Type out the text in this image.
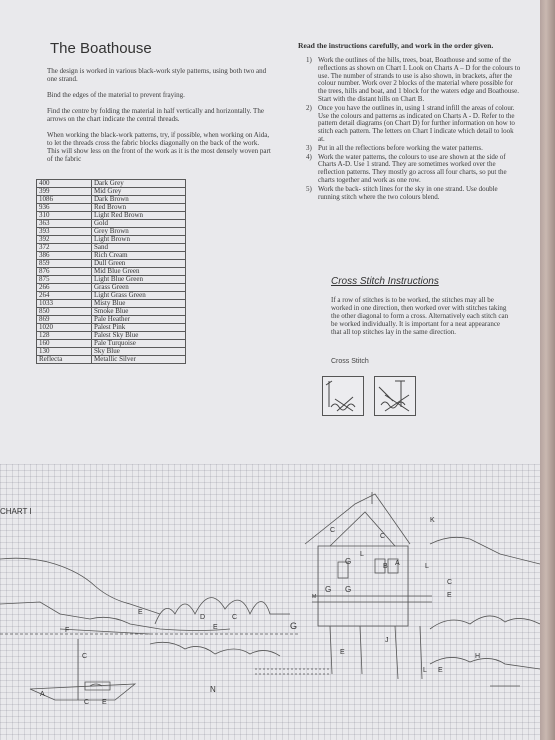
The Boathouse

The design is worked in various black-work style patterns, using both two and one strand.

Bind the edges of the material to prevent fraying.

Find the centre by folding the material in half vertically and horizontally. The arrows on the chart indicate the central threads.

When working the black-work patterns, try, if possible, when working on Aida, to let the threads cross the fabric blocks diagonally on the back of the work. This will show less on the front of the work as it is the most densely woven part of the fabric

400	Dark Grey
399	Mid Grey
1086	Dark Brown
936	Red Brown
310	Light Red Brown
363	Gold
393	Grey Brown
392	Light Brown
372	Sand
386	Rich Cream
859	Dull Green
876	Mid Blue Green
875	Light Blue Green
266	Grass Green
264	Light Grass Green
1033	Misty Blue
850	Smoke Blue
869	Pale Heather
1020	Palest Pink
128	Palest Sky Blue
160	Pale Turquoise
130	Sky Blue
Reflecta	Metallic Silver
Read the instructions carefully, and work in the order given.
1) Work the outlines of the hills, trees, boat, Boathouse and some of the reflections as shown on Chart I. Look on Charts A – D for the colours to use. The number of strands to use is also shown, in brackets, after the colour number. Work over 2 blocks of the material where possible for the trees, hills and boat, and 1 block for the waters edge and Boathouse. Start with the distant hills on Chart B.
2) Once you have the outlines in, using 1 strand infill the areas of colour. Use the colours and patterns as indicated on Charts A - D. Refer to the pattern detail diagrams (on Chart D) for further information on how to stitch each pattern. The letters on Chart I indicate which detail to look at.
3) Put in all the reflections before working the water patterns.
4) Work the water patterns, the colours to use are shown at the side of Charts A-D. Use 1 strand. They are sometimes worked over the reflection patterns. They mostly go across all four charts, so put the charts together and work as one row.
5) Work the back- stitch lines for the sky in one strand. Use double running stitch where the two colours blend.
Cross Stitch Instructions

If a row of stitches is to be worked, the stitches may all be worked in one direction, then worked over with stitches taking the other diagonal to form a cross. Alternatively each stitch can be worked individually. It is important for a neat appearance that all top stitches lay in the same direction.

Cross Stitch

CHART I

K
C
C
G
G G
L
B A	L
C
E
J
E
L E
H
G
E
D	C
E
F
C
A
C E
N
M
